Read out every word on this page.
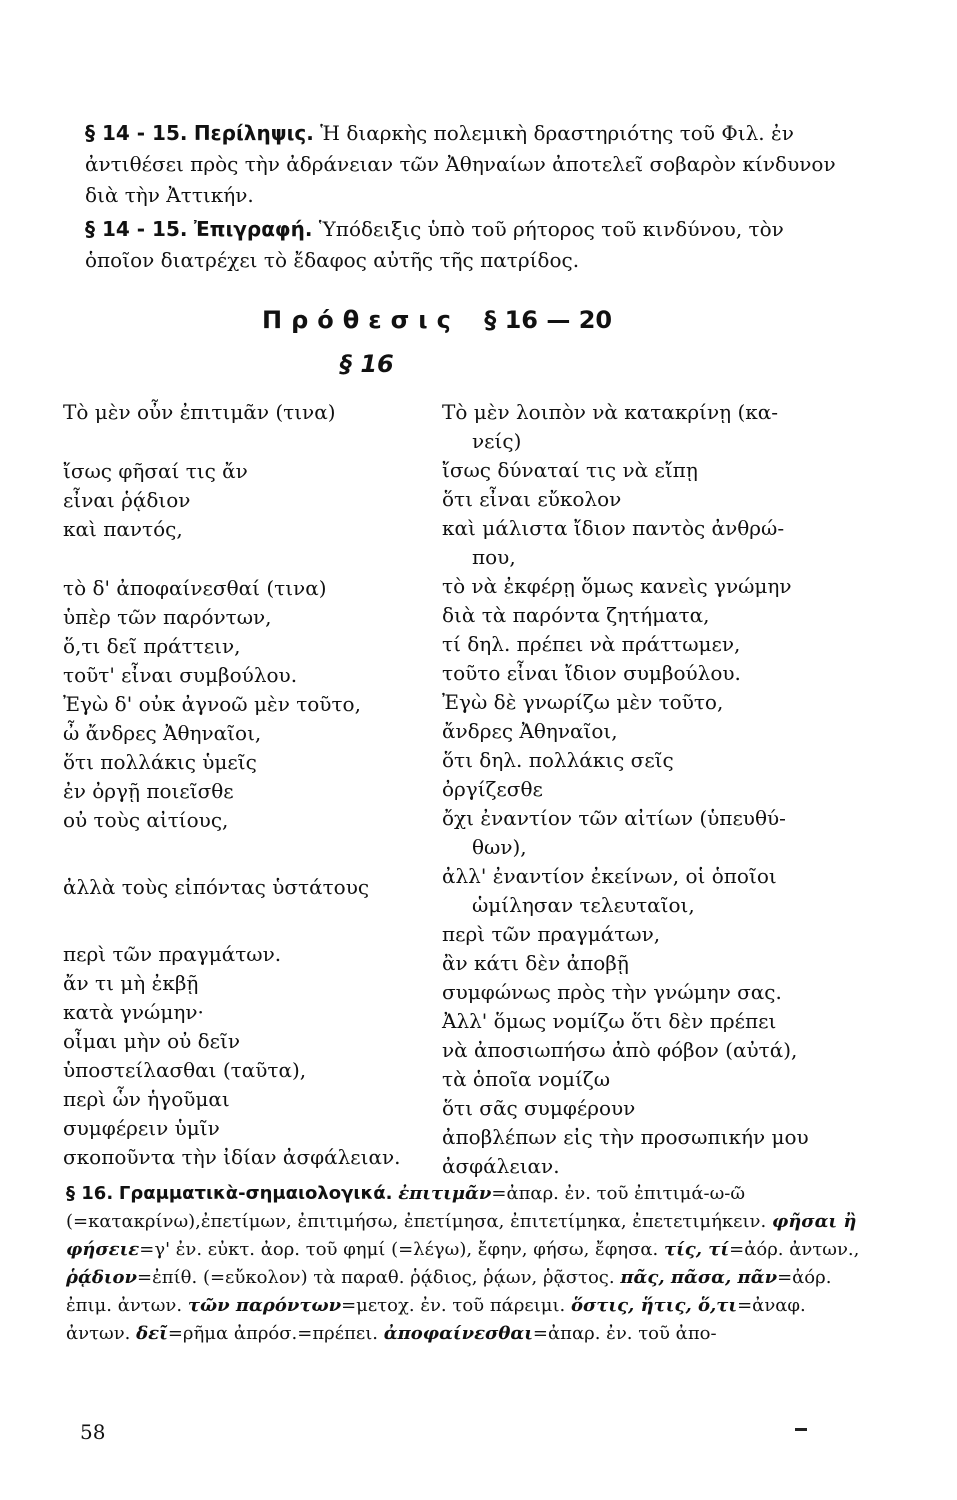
§ 14 - 15. Περίληψις. Ἡ διαρκὴς πολεμικὴ δραστηριότης τοῦ Φιλ. ἐν ἀντιθέσει πρὸς τὴν ἀδράνειαν τῶν Ἀθηναίων ἀποτελεῖ σοβαρὸν κίνδυνον διὰ τὴν Ἀττικήν.

§ 14 - 15. Ἐπιγραφή. Ὑπόδειξις ὑπὸ τοῦ ρήτορος τοῦ κινδύνου, τὸν ὁποῖον διατρέχει τὸ ἔδαφος αὐτῆς τῆς πατρίδος.

Πρόθεσις § 16 — 20
§ 16
Τὸ μὲν οὖν ἐπιτιμᾶν (τινα)
ἴσως φῆσαί τις ἄν
εἶναι ῥᾴδιον
καὶ παντός,
τὸ δ' ἀποφαίνεσθαί (τινα)
ὑπὲρ τῶν παρόντων,
ὅ,τι δεῖ πράττειν,
τοῦτ' εἶναι συμβούλου.
Ἐγὼ δ' οὐκ ἀγνοῶ μὲν τοῦτο,
ὦ ἄνδρες Ἀθηναῖοι,
ὅτι πολλάκις ὑμεῖς
ἐν ὀργῇ ποιεῖσθε
οὐ τοὺς αἰτίους,
ἀλλὰ τοὺς εἰπόντας ὑστάτους
περὶ τῶν πραγμάτων.
ἄν τι μὴ ἐκβῇ
κατὰ γνώμην·
οἶμαι μὴν οὐ δεῖν
ὑποστείλασθαι (ταῦτα),
περὶ ὧν ἡγοῦμαι
συμφέρειν ὑμῖν
σκοποῦντα τὴν ἰδίαν ἀσφάλειαν.
Τὸ μὲν λοιπὸν νὰ κατακρίνῃ (κα-
νείς)
ἴσως δύναταί τις νὰ εἴπῃ
ὅτι εἶναι εὔκολον
καὶ μάλιστα ἴδιον παντὸς ἀνθρώ-
που,
τὸ νὰ ἐκφέρῃ ὅμως κανεὶς γνώμην
διὰ τὰ παρόντα ζητήματα,
τί δηλ. πρέπει νὰ πράττωμεν,
τοῦτο εἶναι ἴδιον συμβούλου.
Ἐγὼ δὲ γνωρίζω μὲν τοῦτο,
ἄνδρες Ἀθηναῖοι,
ὅτι δηλ. πολλάκις σεῖς
ὀργίζεσθε
ὄχι ἐναντίον τῶν αἰτίων (ὑπευθύ-
θων),
ἀλλ' ἐναντίον ἐκείνων, οἱ ὁποῖοι
ὡμίλησαν τελευταῖοι,
περὶ τῶν πραγμάτων,
ἂν κάτι δὲν ἀποβῇ
συμφώνως πρὸς τὴν γνώμην σας.
Ἀλλ' ὅμως νομίζω ὅτι δὲν πρέπει
νὰ ἀποσιωπήσω ἀπὸ φόβον (αὐτά),
τὰ ὁποῖα νομίζω
ὅτι σᾶς συμφέρουν
ἀποβλέπων εἰς τὴν προσωπικήν μου
ἀσφάλειαν.

§ 16. Γραμματικὰ-σημαιολογικά. ἐπιτιμᾶν=ἀπαρ. ἐν. τοῦ ἐπιτιμά-ω-ῶ (=κατακρίνω),ἐπετίμων, ἐπιτιμήσω, ἐπετίμησα, ἐπιτετίμηκα, ἐπετετιμήκειν. φῆσαι ἢ φήσειε=γ' ἐν. εὐκτ. ἀορ. τοῦ φημί (=λέγω), ἔφην, φήσω, ἔφησα. τίς, τί=ἀόρ. ἀντων., ῥᾴδιον=ἐπίθ. (=εὔκολον) τὰ παραθ. ῥᾴδιος, ῥᾴων, ῥᾷστος. πᾶς, πᾶσα, πᾶν=ἀόρ. ἐπιμ. ἀντων. τῶν παρόντων=μετοχ. ἐν. τοῦ πάρειμι. ὅστις, ἥτις, ὅ,τι=ἀναφ. ἀντων. δεῖ=ρῆμα ἀπρόσ.=πρέπει. ἀποφαίνεσθαι=ἀπαρ. ἐν. τοῦ ἀπο-

58
